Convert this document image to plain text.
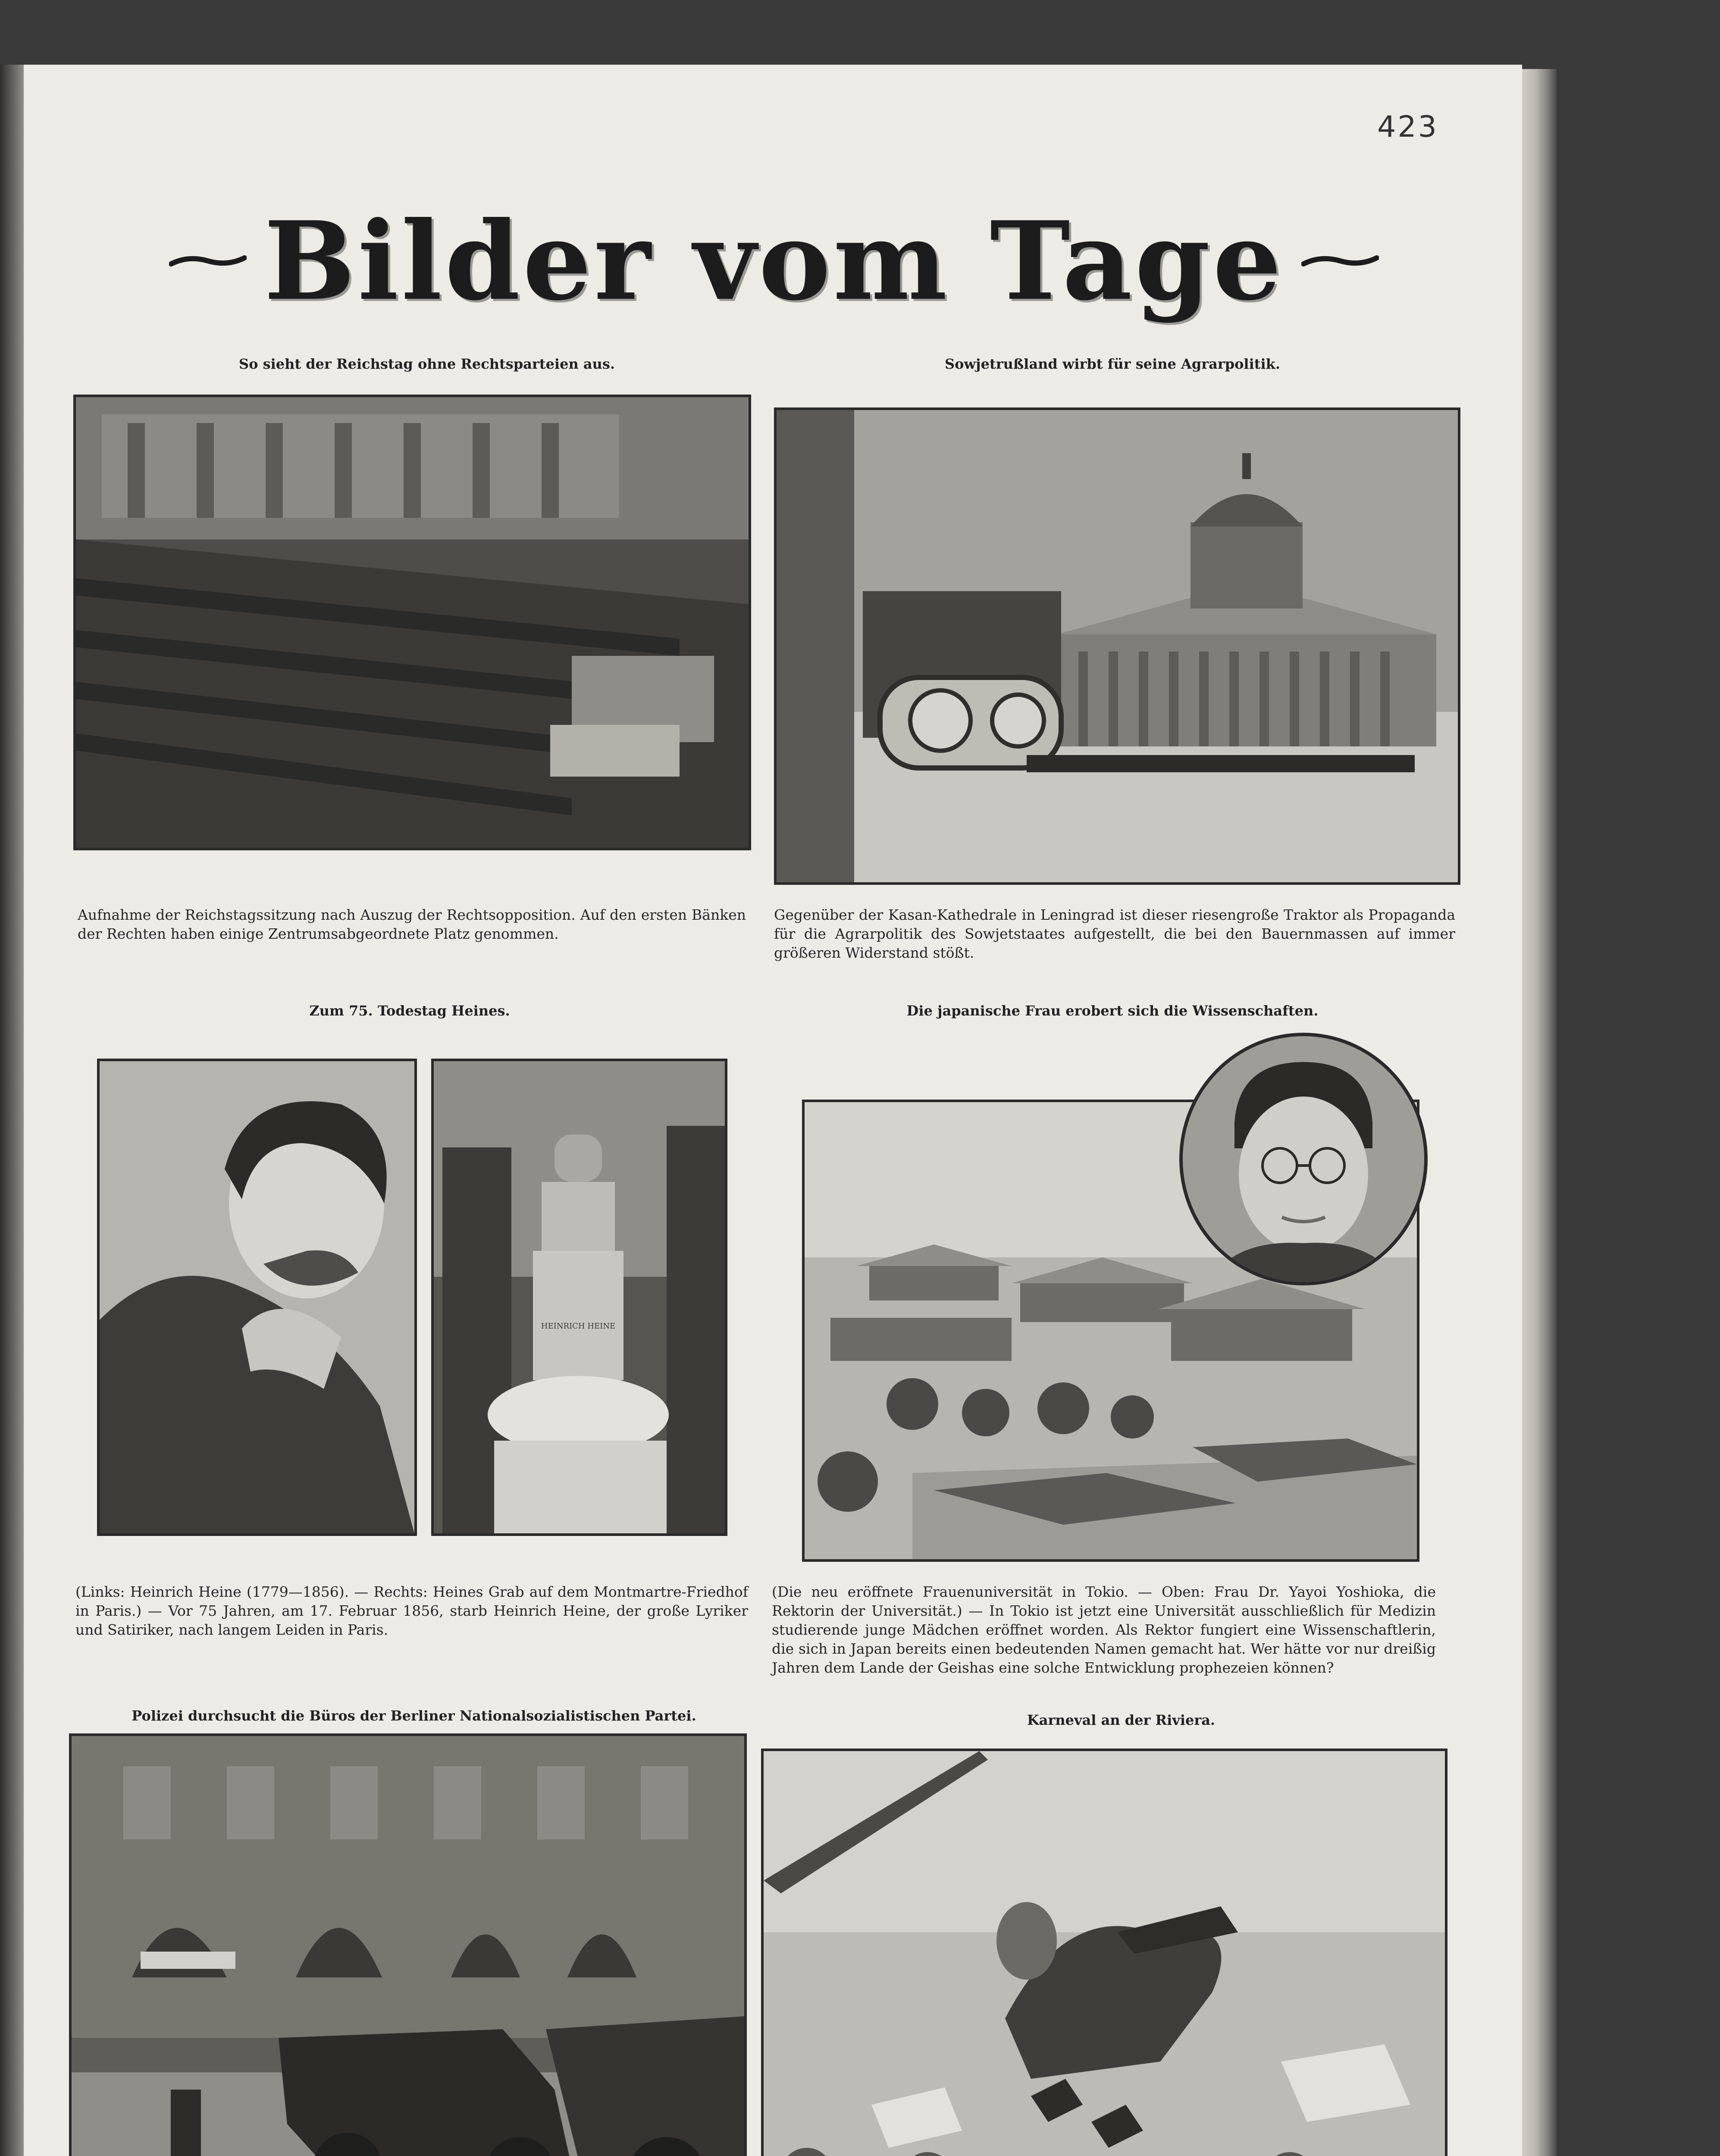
423
Bilder vom Tage
So sieht der Reichstag ohne Rechtsparteien aus.	Sowjetrußland wirbt für seine Agrarpolitik.
Aufnahme der Reichstagssitzung nach Auszug der Rechtsopposition. Auf den ersten Bänken der Rechten haben einige Zentrumsabgeordnete Platz genommen.
Gegenüber der Kasan-Kathedrale in Leningrad ist dieser riesengroße Traktor als Propaganda für die Agrarpolitik des Sowjetstaates aufgestellt, die bei den Bauernmassen auf immer größeren Widerstand stößt.
Zum 75. Todestag Heines.	Die japanische Frau erobert sich die Wissenschaften.
HEINRICH HEINE
(Links: Heinrich Heine (1779—1856). — Rechts: Heines Grab auf dem Montmartre-Friedhof in Paris.) — Vor 75 Jahren, am 17. Februar 1856, starb Heinrich Heine, der große Lyriker und Satiriker, nach langem Leiden in Paris.
(Die neu eröffnete Frauenuniversität in Tokio. — Oben: Frau Dr. Yayoi Yoshioka, die Rektorin der Universität.) — In Tokio ist jetzt eine Universität ausschließlich für Medizin studierende junge Mädchen eröffnet worden. Als Rektor fungiert eine Wissenschaftlerin, die sich in Japan bereits einen bedeutenden Namen gemacht hat. Wer hätte vor nur dreißig Jahren dem Lande der Geishas eine solche Entwicklung prophezeien können?
Polizei durchsucht die Büros der Berliner Nationalsozialistischen Partei.	Karneval an der Riviera.
